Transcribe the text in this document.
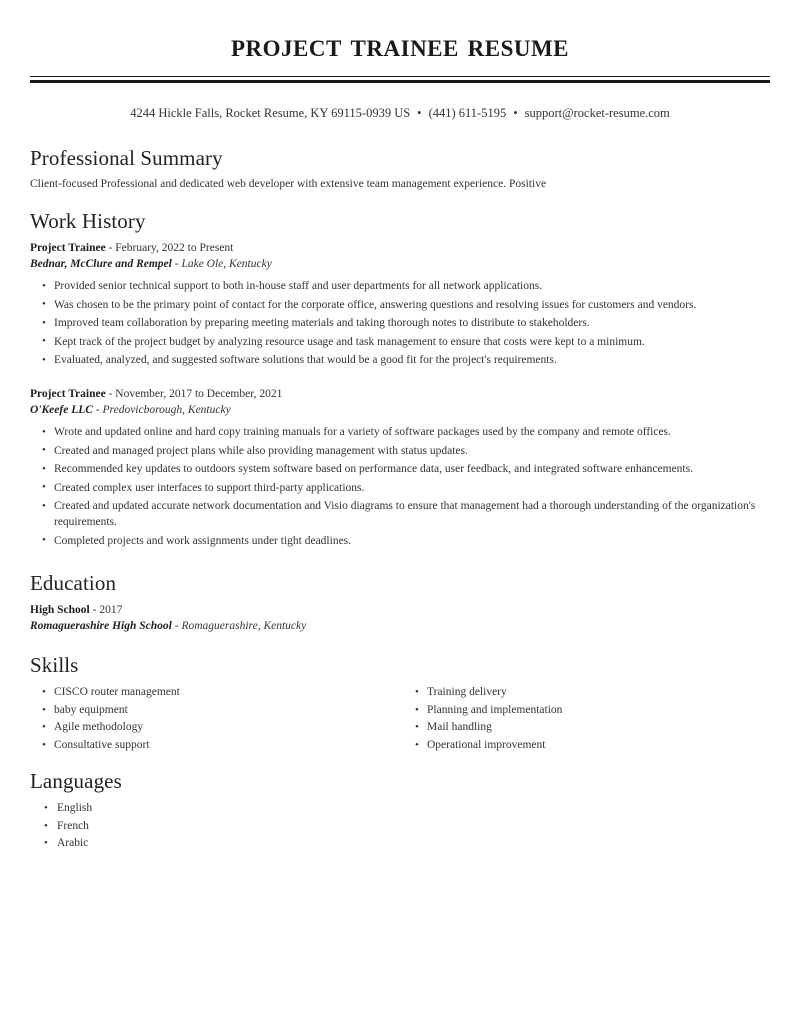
project trainee resume
4244 Hickle Falls, Rocket Resume, KY 69115-0939 US • (441) 611-5195 • support@rocket-resume.com
Professional Summary

Client-focused Professional and dedicated web developer with extensive team management experience. Positive

Work History

Project Trainee - February, 2022 to Present

Bednar, McClure and Rempel - Lake Ole, Kentucky

• Provided senior technical support to both in-house staff and user departments for all network applications.
• Was chosen to be the primary point of contact for the corporate office, answering questions and resolving issues for customers and vendors.
• Improved team collaboration by preparing meeting materials and taking thorough notes to distribute to stakeholders.
• Kept track of the project budget by analyzing resource usage and task management to ensure that costs were kept to a minimum.
• Evaluated, analyzed, and suggested software solutions that would be a good fit for the project's requirements.

Project Trainee - November, 2017 to December, 2021

O'Keefe LLC - Predovicborough, Kentucky

• Wrote and updated online and hard copy training manuals for a variety of software packages used by the company and remote offices.
• Created and managed project plans while also providing management with status updates.
• Recommended key updates to outdoors system software based on performance data, user feedback, and integrated software enhancements.
• Created complex user interfaces to support third-party applications.
• Created and updated accurate network documentation and Visio diagrams to ensure that management had a thorough understanding of the organization's requirements.
• Completed projects and work assignments under tight deadlines.
Education

High School - 2017

Romaguerashire High School - Romaguerashire, Kentucky

Skills
• CISCO router management
• baby equipment
• Agile methodology
• Consultative support
• Training delivery
• Planning and implementation
• Mail handling
• Operational improvement
Languages
• English
• French
• Arabic
